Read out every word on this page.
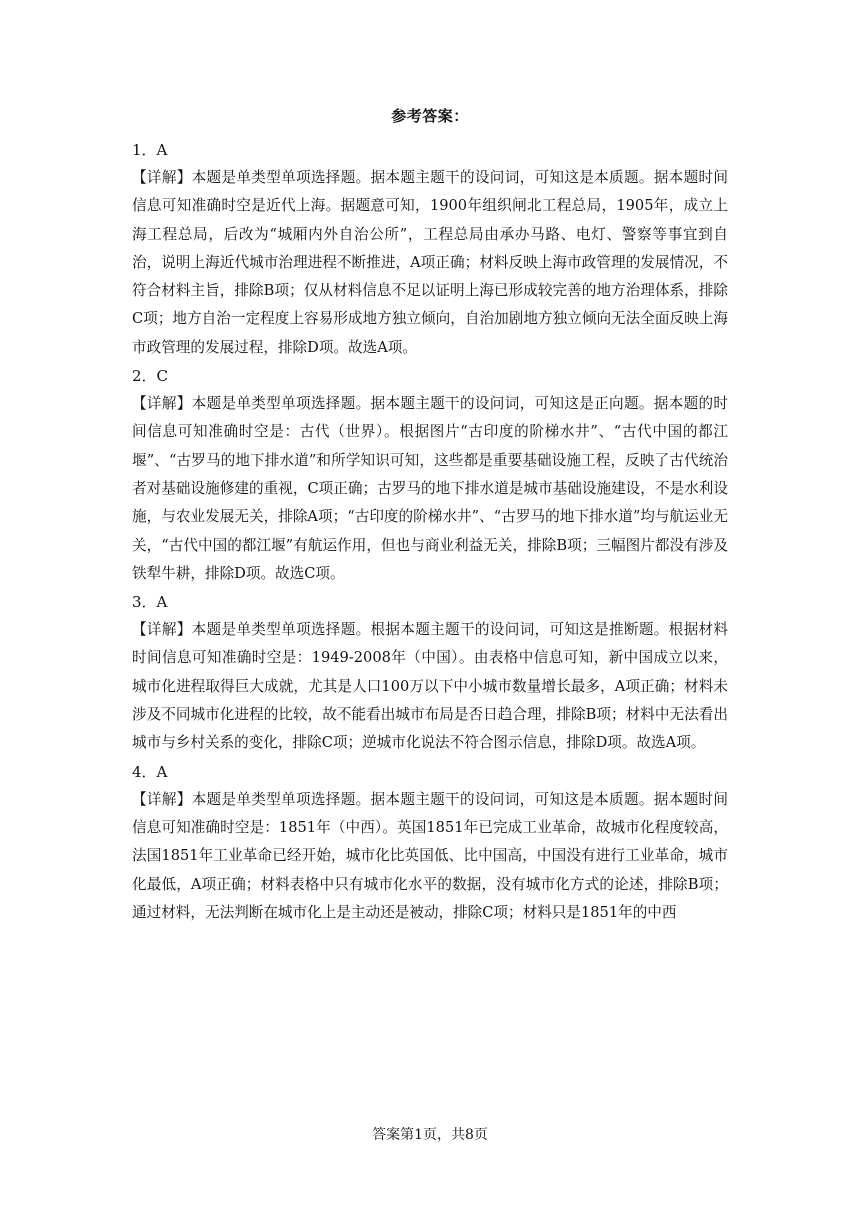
参考答案：

1．A

【详解】本题是单类型单项选择题。据本题主题干的设问词，可知这是本质题。据本题时间信息可知准确时空是近代上海。据题意可知，1900年组织闸北工程总局，1905年，成立上海工程总局，后改为“城厢内外自治公所”，工程总局由承办马路、电灯、警察等事宜到自治，说明上海近代城市治理进程不断推进，A项正确；材料反映上海市政管理的发展情况，不符合材料主旨，排除B项；仅从材料信息不足以证明上海已形成较完善的地方治理体系，排除C项；地方自治一定程度上容易形成地方独立倾向，自治加剧地方独立倾向无法全面反映上海市政管理的发展过程，排除D项。故选A项。

2．C

【详解】本题是单类型单项选择题。据本题主题干的设问词，可知这是正向题。据本题的时间信息可知准确时空是：古代（世界）。根据图片“古印度的阶梯水井”、“古代中国的都江堰”、“古罗马的地下排水道”和所学知识可知，这些都是重要基础设施工程，反映了古代统治者对基础设施修建的重视，C项正确；古罗马的地下排水道是城市基础设施建设，不是水利设施，与农业发展无关，排除A项；“古印度的阶梯水井”、“古罗马的地下排水道”均与航运业无关，“古代中国的都江堰”有航运作用，但也与商业利益无关，排除B项；三幅图片都没有涉及铁犁牛耕，排除D项。故选C项。

3．A

【详解】本题是单类型单项选择题。根据本题主题干的设问词，可知这是推断题。根据材料时间信息可知准确时空是：1949-2008年（中国）。由表格中信息可知，新中国成立以来，城市化进程取得巨大成就，尤其是人口100万以下中小城市数量增长最多，A项正确；材料未涉及不同城市化进程的比较，故不能看出城市布局是否日趋合理，排除B项；材料中无法看出城市与乡村关系的变化，排除C项；逆城市化说法不符合图示信息，排除D项。故选A项。

4．A

【详解】本题是单类型单项选择题。据本题主题干的设问词，可知这是本质题。据本题时间信息可知准确时空是：1851年（中西）。英国1851年已完成工业革命，故城市化程度较高，法国1851年工业革命已经开始，城市化比英国低、比中国高，中国没有进行工业革命，城市化最低，A项正确；材料表格中只有城市化水平的数据，没有城市化方式的论述，排除B项；通过材料，无法判断在城市化上是主动还是被动，排除C项；材料只是1851年的中西

答案第1页，共8页
